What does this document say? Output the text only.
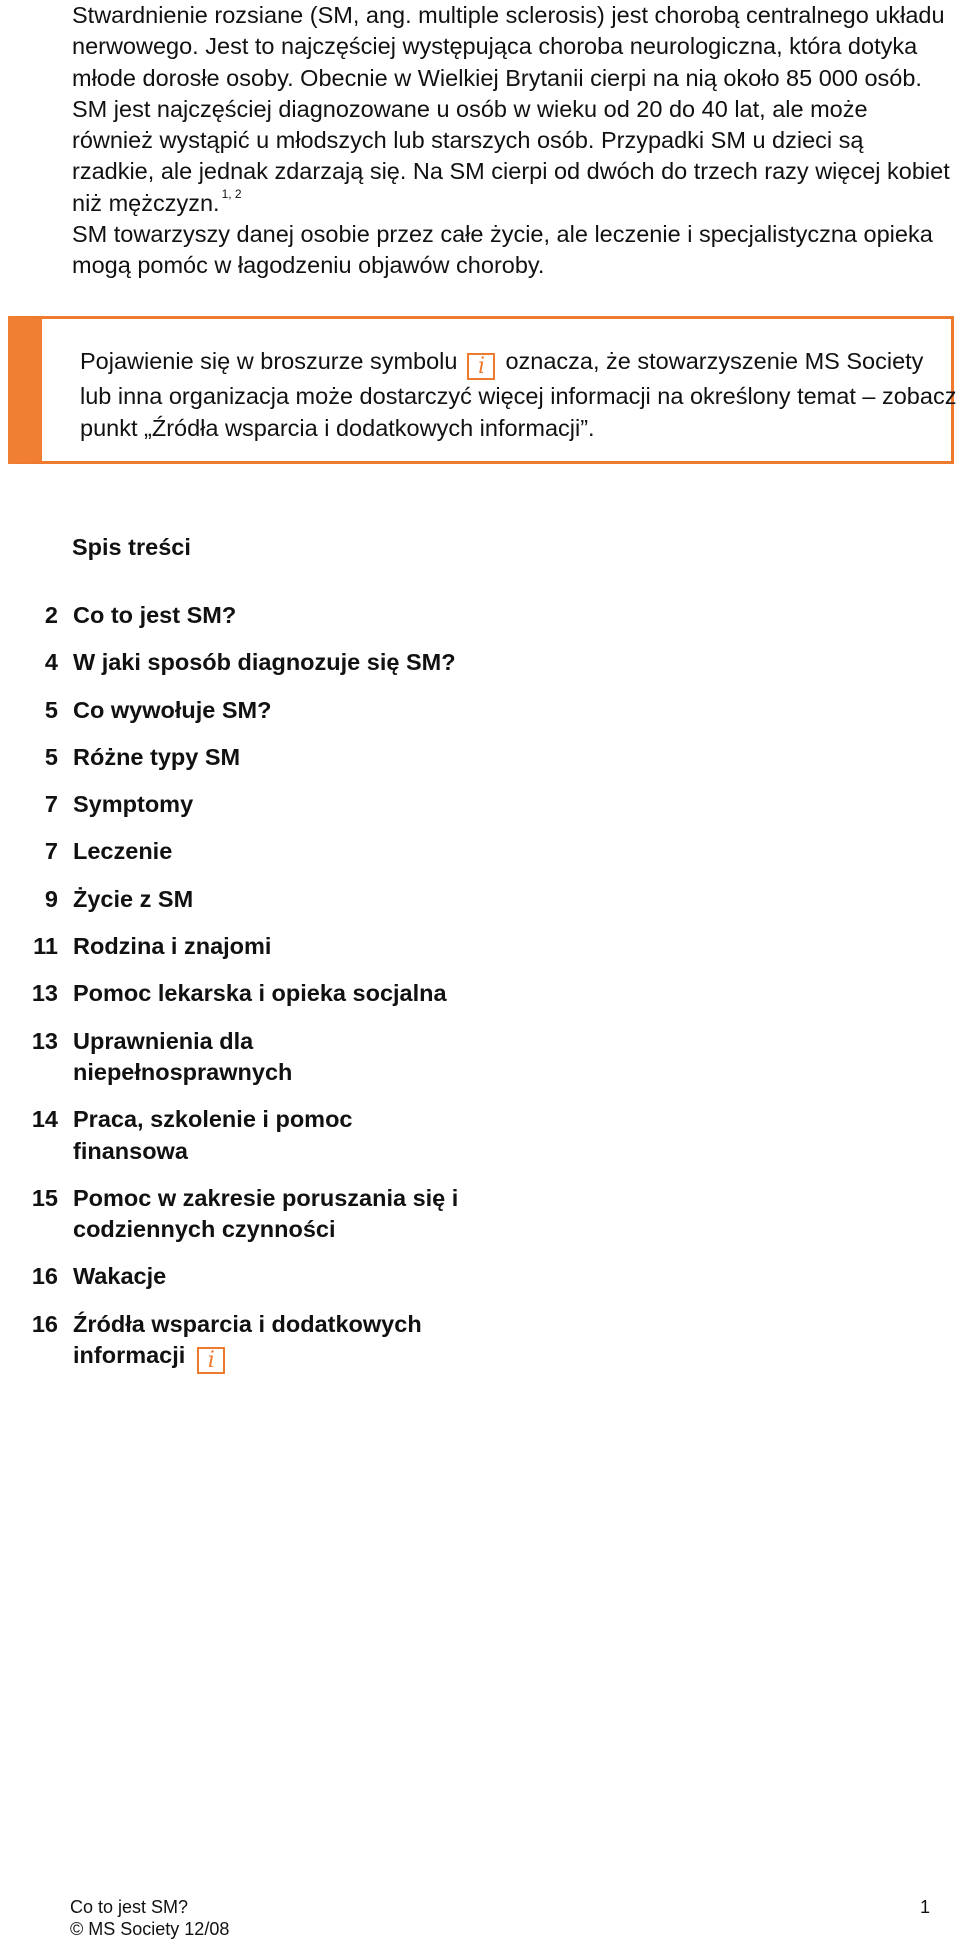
Stwardnienie rozsiane (SM, ang. multiple sclerosis) jest chorobą centralnego układu nerwowego. Jest to najczęściej występująca choroba neurologiczna, która dotyka młode dorosłe osoby. Obecnie w Wielkiej Brytanii cierpi na nią około 85 000 osób. SM jest najczęściej diagnozowane u osób w wieku od 20 do 40 lat, ale może również wystąpić u młodszych lub starszych osób. Przypadki SM u dzieci są rzadkie, ale jednak zdarzają się. Na SM cierpi od dwóch do trzech razy więcej kobiet niż mężczyzn. $^{1, 2}$
SM towarzyszy danej osobie przez całe życie, ale leczenie i specjalistyczna opieka mogą pomóc w łagodzeniu objawów choroby.

Pojawienie się w broszurze symbolu i oznacza, że stowarzyszenie MS Society lub inna organizacja może dostarczyć więcej informacji na określony temat – zobacz punkt „Źródła wsparcia i dodatkowych informacji”.

Spis treści
2 Co to jest SM?
4 W jaki sposób diagnozuje się SM?
5 Co wywołuje SM?
5 Różne typy SM
7 Symptomy
7 Leczenie
9 Życie z SM
11 Rodzina i znajomi
13 Pomoc lekarska i opieka socjalna
13 Uprawnienia dla niepełnosprawnych
14 Praca, szkolenie i pomoc finansowa
15 Pomoc w zakresie poruszania się i codziennych czynności
16 Wakacje
16 Źródła wsparcia i dodatkowych informacji i
Co to jest SM?
© MS Society 12/08
1
